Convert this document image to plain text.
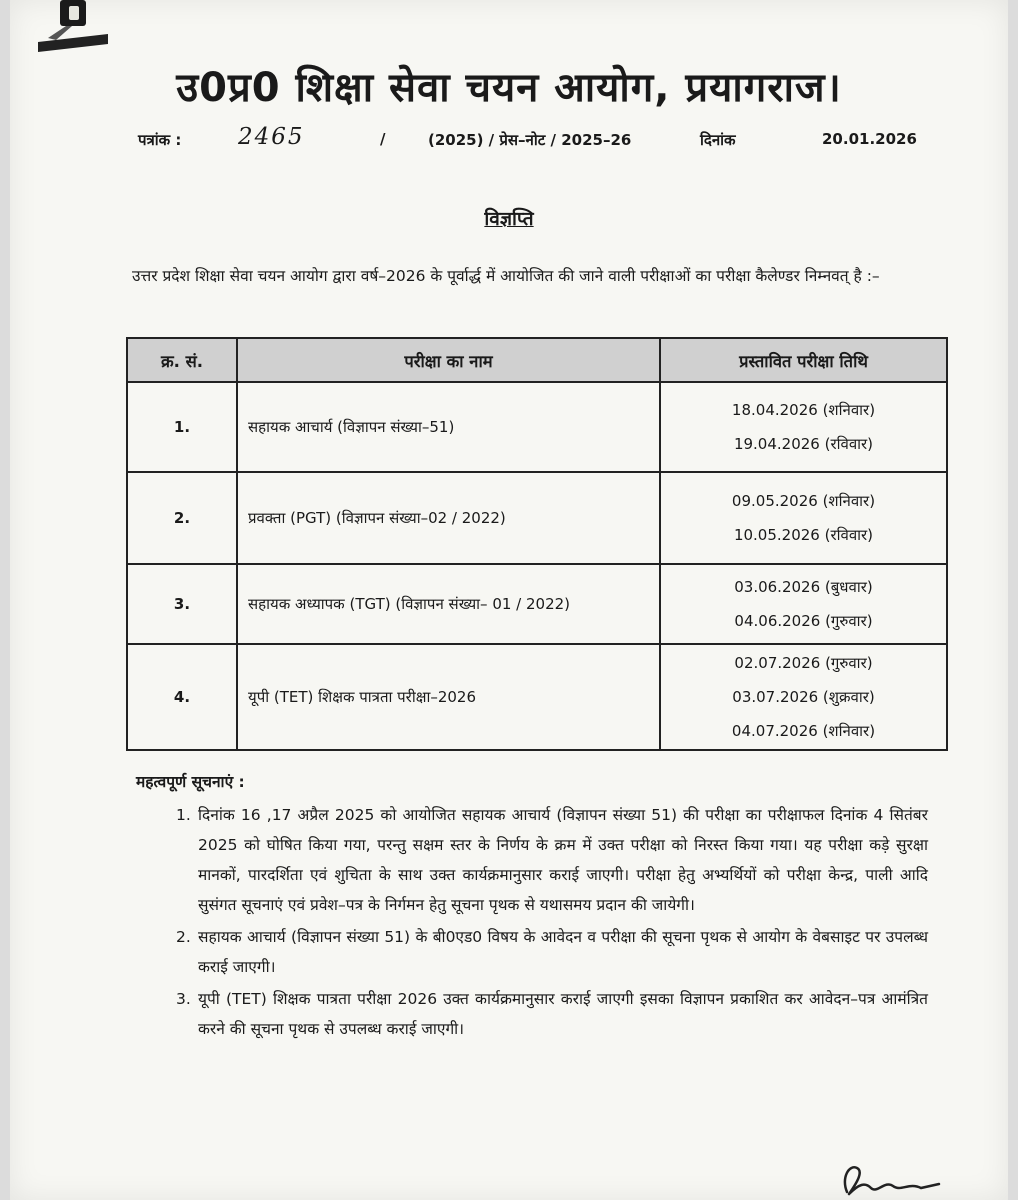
उ0प्र0 शिक्षा सेवा चयन आयोग, प्रयागराज।
पत्रांक : 2465	/	(2025) / प्रेस–नोट / 2025–26	दिनांक	20.01.2026
विज्ञप्ति
उत्तर प्रदेश शिक्षा सेवा चयन आयोग द्वारा वर्ष–2026 के पूर्वार्द्ध में आयोजित की जाने वाली परीक्षाओं का परीक्षा कैलेण्डर निम्नवत् है :–
क्र. सं.	परीक्षा का नाम	प्रस्तावित परीक्षा तिथि
1.	सहायक आचार्य (विज्ञापन संख्या–51)	18.04.2026 (शनिवार)
19.04.2026 (रविवार)

2.	प्रवक्ता (PGT) (विज्ञापन संख्या–02 / 2022)	09.05.2026 (शनिवार)
10.05.2026 (रविवार)

3.	सहायक अध्यापक (TGT) (विज्ञापन संख्या– 01 / 2022)	03.06.2026 (बुधवार)
04.06.2026 (गुरुवार)

4.	यूपी (TET) शिक्षक पात्रता परीक्षा–2026	02.07.2026 (गुरुवार)
03.07.2026 (शुक्रवार)
04.07.2026 (शनिवार)
महत्वपूर्ण सूचनाएं :
1. दिनांक 16 ,17 अप्रैल 2025 को आयोजित सहायक आचार्य (विज्ञापन संख्या 51) की परीक्षा का परीक्षाफल दिनांक 4 सितंबर 2025 को घोषित किया गया, परन्तु सक्षम स्तर के निर्णय के क्रम में उक्त परीक्षा को निरस्त किया गया। यह परीक्षा कड़े सुरक्षा मानकों, पारदर्शिता एवं शुचिता के साथ उक्त कार्यक्रमानुसार कराई जाएगी। परीक्षा हेतु अभ्यर्थियों को परीक्षा केन्द्र, पाली आदि सुसंगत सूचनाएं एवं प्रवेश–पत्र के निर्गमन हेतु सूचना पृथक से यथासमय प्रदान की जायेगी।
2. सहायक आचार्य (विज्ञापन संख्या 51) के बी0एड0 विषय के आवेदन व परीक्षा की सूचना पृथक से आयोग के वेबसाइट पर उपलब्ध कराई जाएगी।
3. यूपी (TET) शिक्षक पात्रता परीक्षा 2026 उक्त कार्यक्रमानुसार कराई जाएगी इसका विज्ञापन प्रकाशित कर आवेदन–पत्र आमंत्रित करने की सूचना पृथक से उपलब्ध कराई जाएगी।
